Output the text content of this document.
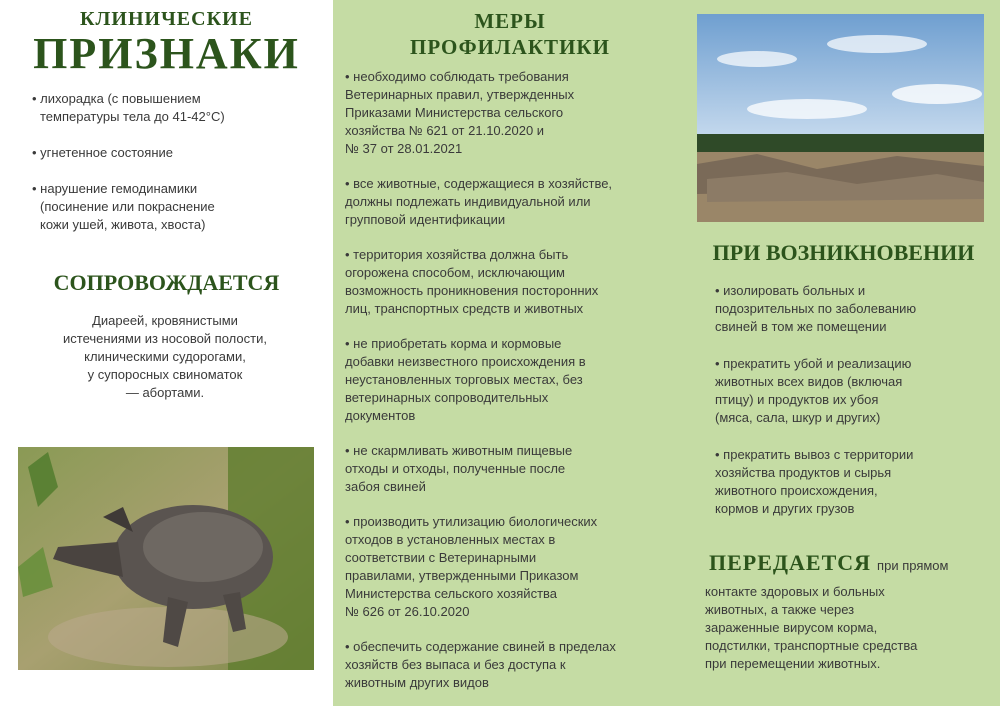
КЛИНИЧЕСКИЕ
ПРИЗНАКИ
• лихорадка (с повышением
температуры тела до 41-42°С)
• угнетенное состояние
• нарушение гемодинамики
(посинение или покраснение
кожи ушей, живота, хвоста)
СОПРОВОЖДАЕТСЯ

Диареей, кровянистыми
истечениями из носовой полости,
клиническими судорогами,
у супоросных свиноматок
— абортами.

МЕРЫ
ПРОФИЛАКТИКИ
• необходимо соблюдать требования
Ветеринарных правил, утвержденных
Приказами Министерства сельского
хозяйства № 621 от 21.10.2020 и
№ 37 от 28.01.2021
• все животные, содержащиеся в хозяйстве,
должны подлежать индивидуальной или
групповой идентификации
• территория хозяйства должна быть
огорожена способом, исключающим
возможность проникновения посторонних
лиц, транспортных средств и животных
• не приобретать корма и кормовые
добавки неизвестного происхождения в
неустановленных торговых местах, без
ветеринарных сопроводительных
документов
• не скармливать животным пищевые
отходы и отходы, полученные после
забоя свиней
• производить утилизацию биологических
отходов в установленных местах в
соответствии с Ветеринарными
правилами, утвержденными Приказом
Министерства сельского хозяйства
№ 626 от 26.10.2020
• обеспечить содержание свиней в пределах
хозяйств без выпаса и без доступа к
животным других видов
ПРИ ВОЗНИКНОВЕНИИ
• изолировать больных и
подозрительных по заболеванию
свиней в том же помещении
• прекратить убой и реализацию
животных всех видов (включая
птицу) и продуктов их убоя
(мяса, сала, шкур и других)
• прекратить вывоз с территории
хозяйства продуктов и сырья
животного происхождения,
кормов и других грузов

ПЕРЕДАЕТСЯ при прямом

контакте здоровых и больных
животных, а также через
зараженные вирусом корма,
подстилки, транспортные средства
при перемещении животных.
